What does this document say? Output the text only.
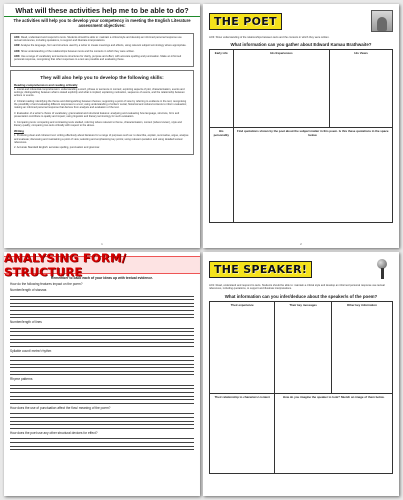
What will these activities help me to be able to do?
The activities will help you to develop your competency in meeting the English Literature assessment objectives:

AO1: Read, understand and respond to texts. Students should be able to: maintain a critical style and develop an informed personal response use textual references, including quotations, to support and illustrate interpretations.

AO2: Analyse the language, form and structure used by a writer to create meanings and effects, using relevant subject terminology where appropriate.

AO3: Show understanding of the relationships between texts and the contexts in which they were written.

AO4: Use a range of vocabulary and sentence structures for clarity, purpose and effect, with accurate spelling and punctuation. Make an informed personal response, recognising that other responses to a text are possible and evaluating these.

They will also help you to develop the following skills:
Reading comprehension and reading critically

1. Literal and inferential comprehension: understanding a word, phrase or sentence in context; exploring aspects of plot, characterisation, events and settings; distinguishing between what is stated explicitly and what is implied; explaining motivation, sequence of events, and the relationship between actions or events.

2. Critical reading: identifying the theme and distinguishing between themes; supporting a point of view by referring to evidence in the text; recognising the possibility of and evaluating different responses to a text; using understanding of writers' social, historical and cultural contexts to inform evaluation; making an informed personal response that derives from analysis and evaluation of the text.

3. Evaluation of a writer's choice of vocabulary, grammatical and structural features: analysing and evaluating how language, structure, form and presentation contribute to quality and impact; using linguistic and literary terminology for such evaluation.

4. Comparing texts: comparing and contrasting texts studied, referring where relevant to theme, characterisation, context (where known), style and literary quality; comparing two texts critically with respect to the above.

Writing

1. Producing clear and coherent text: writing effectively about literature for a range of purposes such as: to describe, explain, summarise, argue, analyse and evaluate; discussing and maintaining a point of view; selecting and emphasising key points; using relevant quotation and using detailed textual references.

2. Accurate Standard English: accurate spelling, punctuation and grammar.

1
THE POET
AO3: Show understanding of the relationships between texts and the contexts in which they were written.
What information can you gather about Edward Kamau Brathwaite?
Early Life	His Experiences	His Views
His personality	Find quotations shown by the poet about the subject matter in this poem. Is this these quotations in the space below.	
2
ANALYSING FORM/ STRUCTURE
Remember to back each of your ideas up with textual evidence.
How do the following features impact on the poem?
Number/length of stanzas
Number/length of lines
Syllable count/ metre/ rhythm
Rhyme patterns
How does the use of punctuation affect the flow/ meaning of the poem?
How does the poet use any other structural devices for effect?
THE SPEAKER!
AO1: Read, understand and respond to texts. Students should be able to: maintain a critical style and develop an informed personal response use textual references, including quotations, to support and illustrate interpretations.
What information can you infer/deduce about the speaker/s of the poem?
Their experience	Their key messages	Other key information
Their relationship to characters/ context	How do you imagine the speaker to look? Sketch an image of them below.	
